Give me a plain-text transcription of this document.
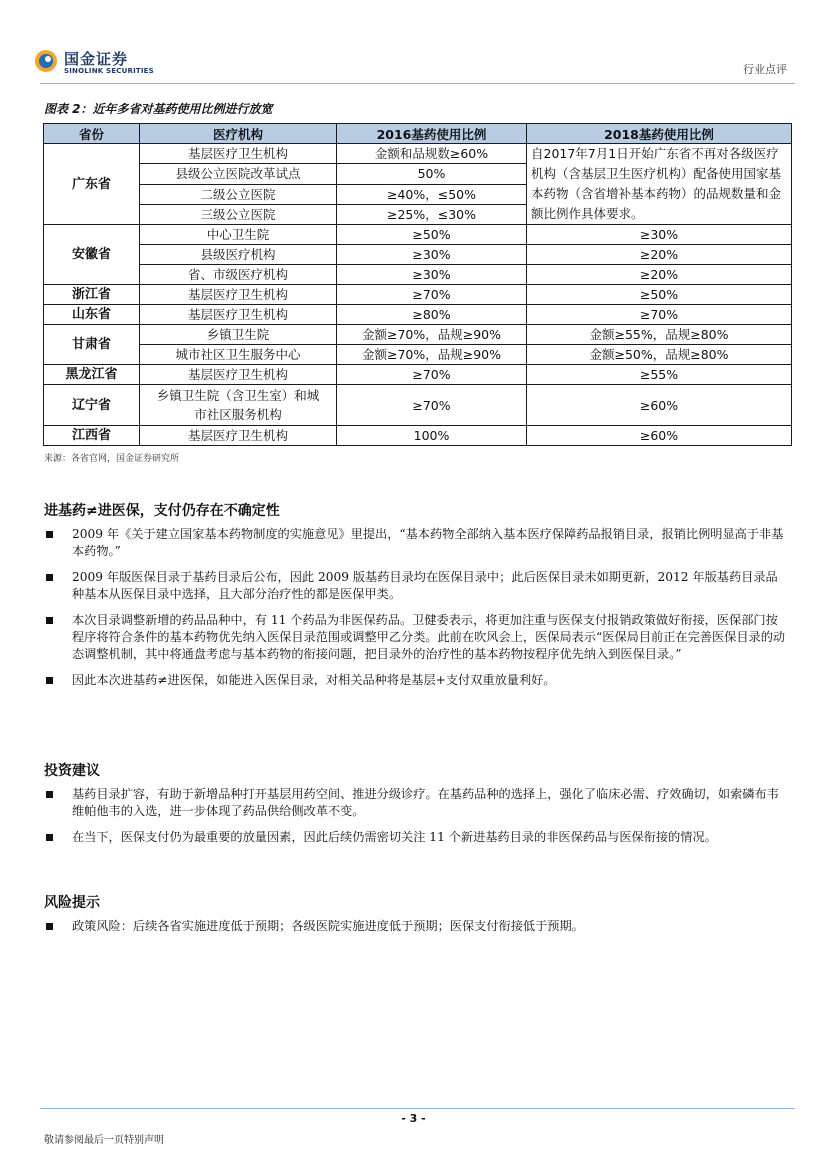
国金证券
SINOLINK SECURITIES	行业点评
图表 2：近年多省对基药使用比例进行放宽
省份	医疗机构	2016基药使用比例	2018基药使用比例
广东省	基层医疗卫生机构	金额和品规数≥60%	自2017年7月1日开始广东省不再对各级医疗机构（含基层卫生医疗机构）配备使用国家基本药物（含省增补基本药物）的品规数量和金额比例作具体要求。
	县级公立医院改革试点	50%	
	二级公立医院	≥40%，≤50%	
	三级公立医院	≥25%，≤30%	
安徽省	中心卫生院	≥50%	≥30%
	县级医疗机构	≥30%	≥20%
	省、市级医疗机构	≥30%	≥20%
浙江省	基层医疗卫生机构	≥70%	≥50%
山东省	基层医疗卫生机构	≥80%	≥70%
甘肃省	乡镇卫生院	金额≥70%，品规≥90%	金额≥55%，品规≥80%
	城市社区卫生服务中心	金额≥70%，品规≥90%	金额≥50%，品规≥80%
黑龙江省	基层医疗卫生机构	≥70%	≥55%
辽宁省	乡镇卫生院（含卫生室）和城
市社区服务机构	≥70%	≥60%
江西省	基层医疗卫生机构	100%	≥60%
来源：各省官网，国金证券研究所
进基药≠进医保，支付仍存在不确定性
2009 年《关于建立国家基本药物制度的实施意见》里提出，“基本药物全部纳入基本医疗保障药品报销目录，报销比例明显高于非基本药物。”
2009 年版医保目录于基药目录后公布，因此 2009 版基药目录均在医保目录中；此后医保目录未如期更新，2012 年版基药目录品种基本从医保目录中选择，且大部分治疗性的都是医保甲类。
本次目录调整新增的药品品种中，有 11 个药品为非医保药品。卫健委表示，将更加注重与医保支付报销政策做好衔接，医保部门按程序将符合条件的基本药物优先纳入医保目录范围或调整甲乙分类。此前在吹风会上，医保局表示“医保局目前正在完善医保目录的动态调整机制，其中将通盘考虑与基本药物的衔接问题，把目录外的治疗性的基本药物按程序优先纳入到医保目录。”
因此本次进基药≠进医保，如能进入医保目录，对相关品种将是基层+支付双重放量利好。
投资建议
基药目录扩容，有助于新增品种打开基层用药空间、推进分级诊疗。在基药品种的选择上，强化了临床必需、疗效确切，如索磷布韦维帕他韦的入选，进一步体现了药品供给侧改革不变。
在当下，医保支付仍为最重要的放量因素，因此后续仍需密切关注 11 个新进基药目录的非医保药品与医保衔接的情况。
风险提示
政策风险：后续各省实施进度低于预期；各级医院实施进度低于预期；医保支付衔接低于预期。
- 3 -
敬请参阅最后一页特别声明
